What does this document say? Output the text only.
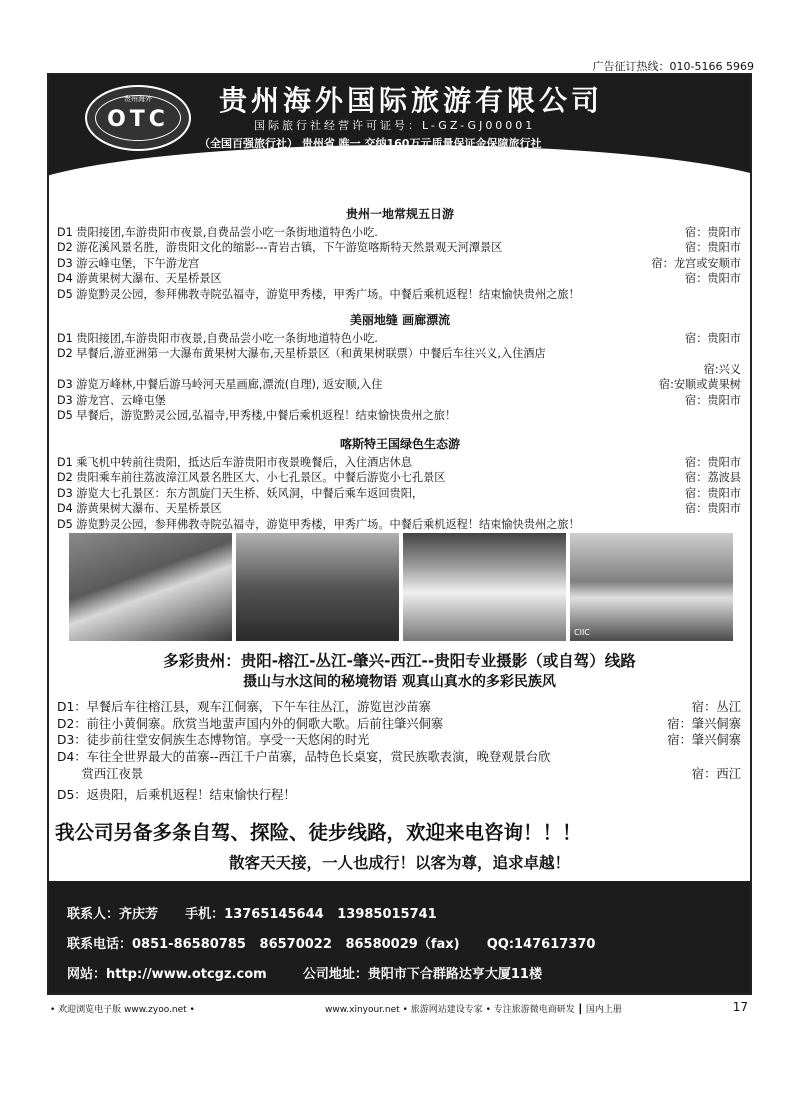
广告征订热线：010-5166 5969
贵州海外
OTC
贵州海外国际旅游有限公司
国际旅行社经营许可证号：L-GZ-GJ00001
（全国百强旅行社） 贵州省 唯一 交纳160万元质量保证金保障旅行社
贵州一地常规五日游
D1 贵阳接团,车游贵阳市夜景,自费品尝小吃一条街地道特色小吃.	宿：贵阳市
D2 游花溪风景名胜，游贵阳文化的缩影---青岩古镇，下午游览喀斯特天然景观天河潭景区	宿：贵阳市
D3 游云峰屯堡，下午游龙宫	宿：龙宫或安顺市
D4 游黄果树大瀑布、天星桥景区	宿：贵阳市
D5 游览黔灵公园，参拜佛教寺院弘福寺，游览甲秀楼，甲秀广场。中餐后乘机返程！结束愉快贵州之旅！
美丽地缝 画廊漂流
D1 贵阳接团,车游贵阳市夜景,自费品尝小吃一条街地道特色小吃.	宿：贵阳市
D2 早餐后,游亚洲第一大瀑布黄果树大瀑布,天星桥景区（和黄果树联票）中餐后车往兴义,入住酒店
宿:兴义
D3 游览万峰林,中餐后游马岭河天星画廊,漂流(自理), 返安顺,入住	宿:安顺或黄果树
D3 游龙宫、云峰屯堡	宿：贵阳市
D5 早餐后，游览黔灵公园,弘福寺,甲秀楼,中餐后乘机返程！结束愉快贵州之旅！
喀斯特王国绿色生态游
D1 乘飞机中转前往贵阳，抵达后车游贵阳市夜景晚餐后，入住酒店休息	宿：贵阳市
D2 贵阳乘车前往荔波漳江风景名胜区大、小七孔景区。中餐后游览小七孔景区	宿：荔波县
D3 游览大七孔景区：东方凯旋门天生桥、妖风洞，中餐后乘车返回贵阳，	宿：贵阳市
D4 游黄果树大瀑布、天星桥景区	宿：贵阳市
D5 游览黔灵公园，参拜佛教寺院弘福寺，游览甲秀楼，甲秀广场。中餐后乘机返程！结束愉快贵州之旅！
CIIC
多彩贵州：贵阳-榕江-丛江-肇兴-西江--贵阳专业摄影（或自驾）线路
摄山与水这间的秘境物语 观真山真水的多彩民族风
D1：早餐后车往榕江县，观车江侗寨，下午车往丛江，游览岜沙苗寨	宿：丛江
D2：前往小黄侗寨。欣赏当地蜚声国内外的侗歌大歌。后前往肇兴侗寨	宿：肇兴侗寨
D3：徒步前往堂安侗族生态博物馆。享受一天悠闲的时光	宿：肇兴侗寨
D4：车往全世界最大的苗寨--西江千户苗寨，品特色长桌宴，赏民族歌表演，晚登观景台欣
　　赏西江夜景	宿：西江
D5：返贵阳，后乘机返程！结束愉快行程！
我公司另备多条自驾、探险、徒步线路，欢迎来电咨询！！！
散客天天接，一人也成行！以客为尊，追求卓越！
联系人：齐庆芳      手机：13765145644   13985015741
联系电话：0851-86580785   86570022   86580029（fax)      QQ:147617370
网站：http://www.otcgz.com        公司地址：贵阳市下合群路达亨大厦11楼
• 欢迎浏览电子版 www.zyoo.net •	www.xinyour.net • 旅游网站建设专家 • 专注旅游微电商研发 ┃ 国内上册	17
